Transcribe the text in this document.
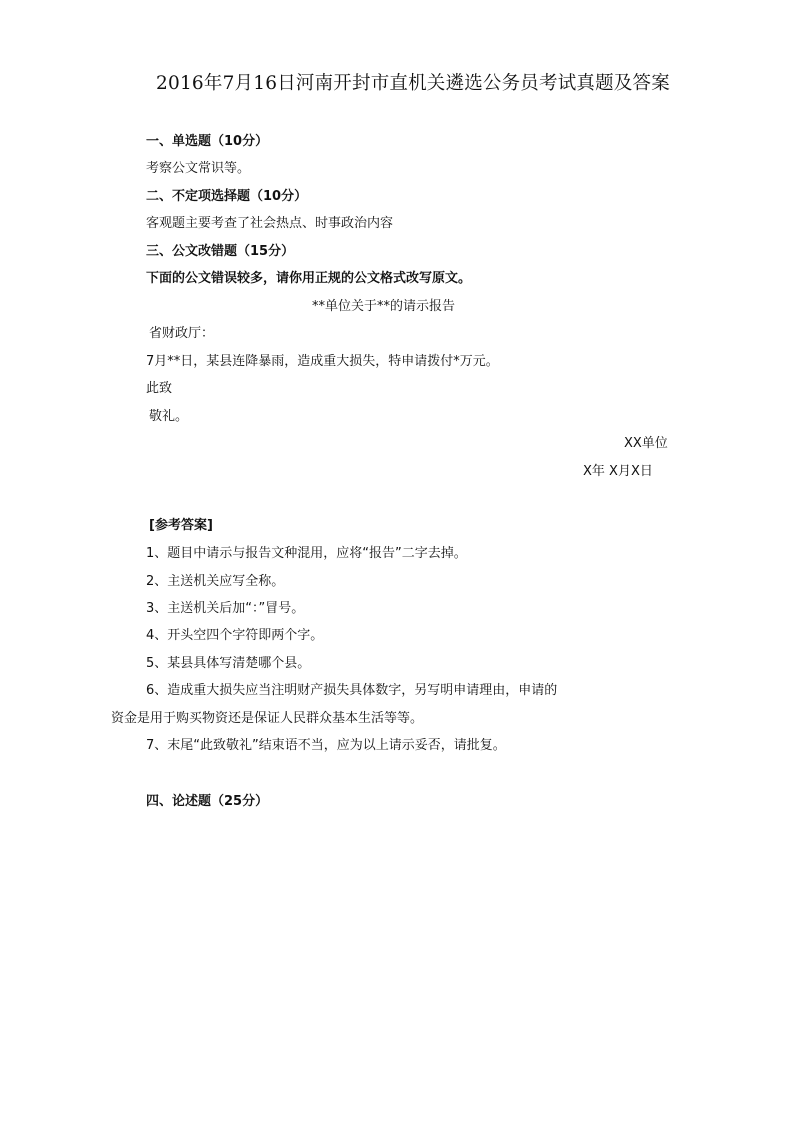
2016年7月16日河南开封市直机关遴选公务员考试真题及答案
一、单选题（10分）
考察公文常识等。
二、不定项选择题（10分）
客观题主要考查了社会热点、时事政治内容
三、公文改错题（15分）
下面的公文错误较多，请你用正规的公文格式改写原文。
**单位关于**的请示报告
省财政厅：
7月**日，某县连降暴雨，造成重大损失，特申请拨付*万元。
此致
敬礼。
XX单位
X年 X月X日
[参考答案]
1、题目中请示与报告文种混用，应将“报告”二字去掉。
2、主送机关应写全称。
3、主送机关后加“：”冒号。
4、开头空四个字符即两个字。
5、某县具体写清楚哪个县。
6、造成重大损失应当注明财产损失具体数字，另写明申请理由，申请的
资金是用于购买物资还是保证人民群众基本生活等等。
7、末尾“此致敬礼”结束语不当，应为以上请示妥否，请批复。
四、论述题（25分）
